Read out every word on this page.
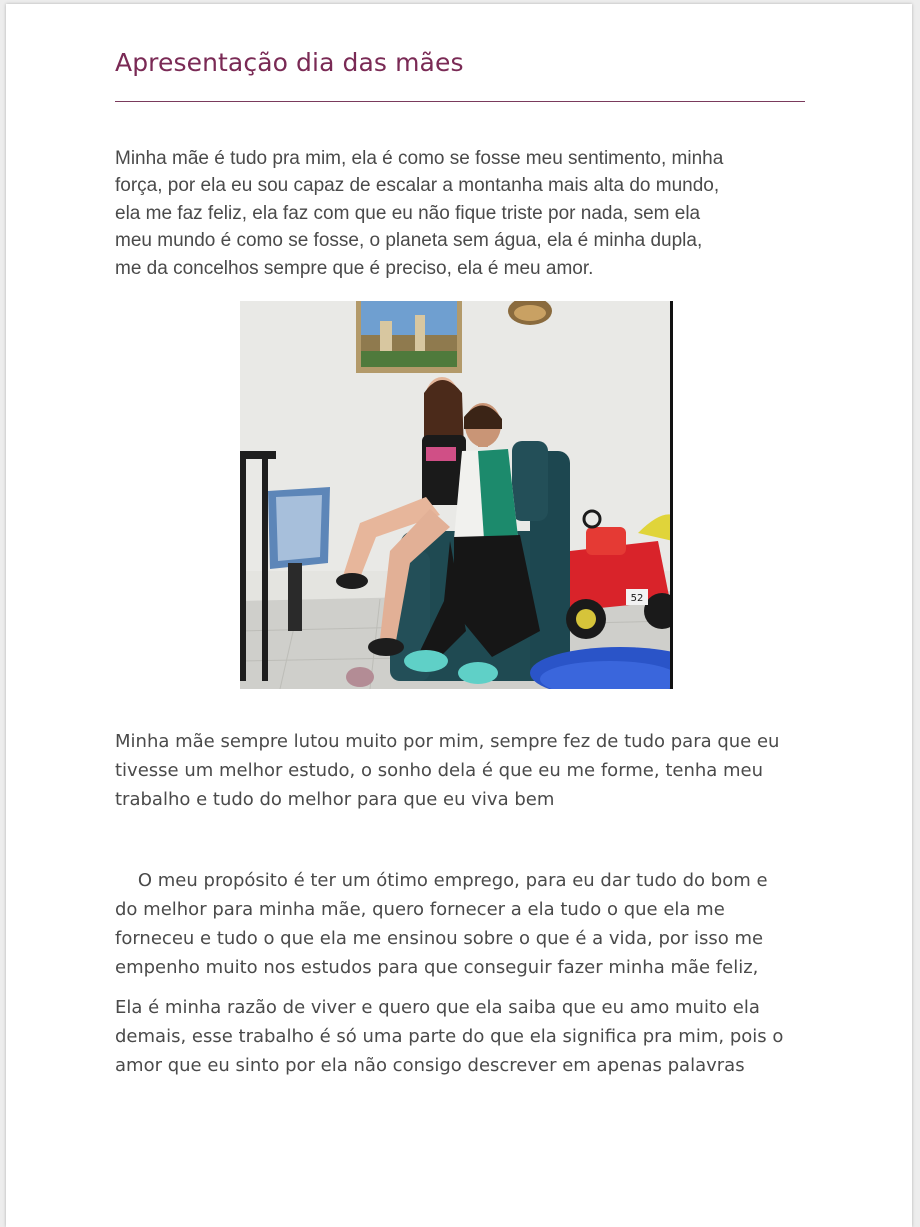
Apresentação dia das mães
Minha mãe é tudo pra mim, ela é como se fosse meu sentimento, minha
força, por ela eu sou capaz de escalar a montanha mais alta do mundo,
ela me faz feliz, ela faz com que eu não fique triste por nada, sem ela
meu mundo é como se fosse, o planeta sem água, ela é minha dupla,
me da concelhos sempre que é preciso, ela é meu amor.
52
Minha mãe sempre lutou muito por mim, sempre fez de tudo para que eu
tivesse um melhor estudo, o sonho dela é que eu me forme, tenha meu
trabalho e tudo do melhor para que eu viva bem
O meu propósito é ter um ótimo emprego, para eu dar tudo do bom e
do melhor para minha mãe, quero fornecer a ela tudo o que ela me
forneceu e tudo o que ela me ensinou sobre o que é a vida, por isso me
empenho muito nos estudos para que conseguir fazer minha mãe feliz,
Ela é minha razão de viver e quero que ela saiba que eu amo muito ela
demais, esse trabalho é só uma parte do que ela significa pra mim, pois o
amor que eu sinto por ela não consigo descrever em apenas palavras
